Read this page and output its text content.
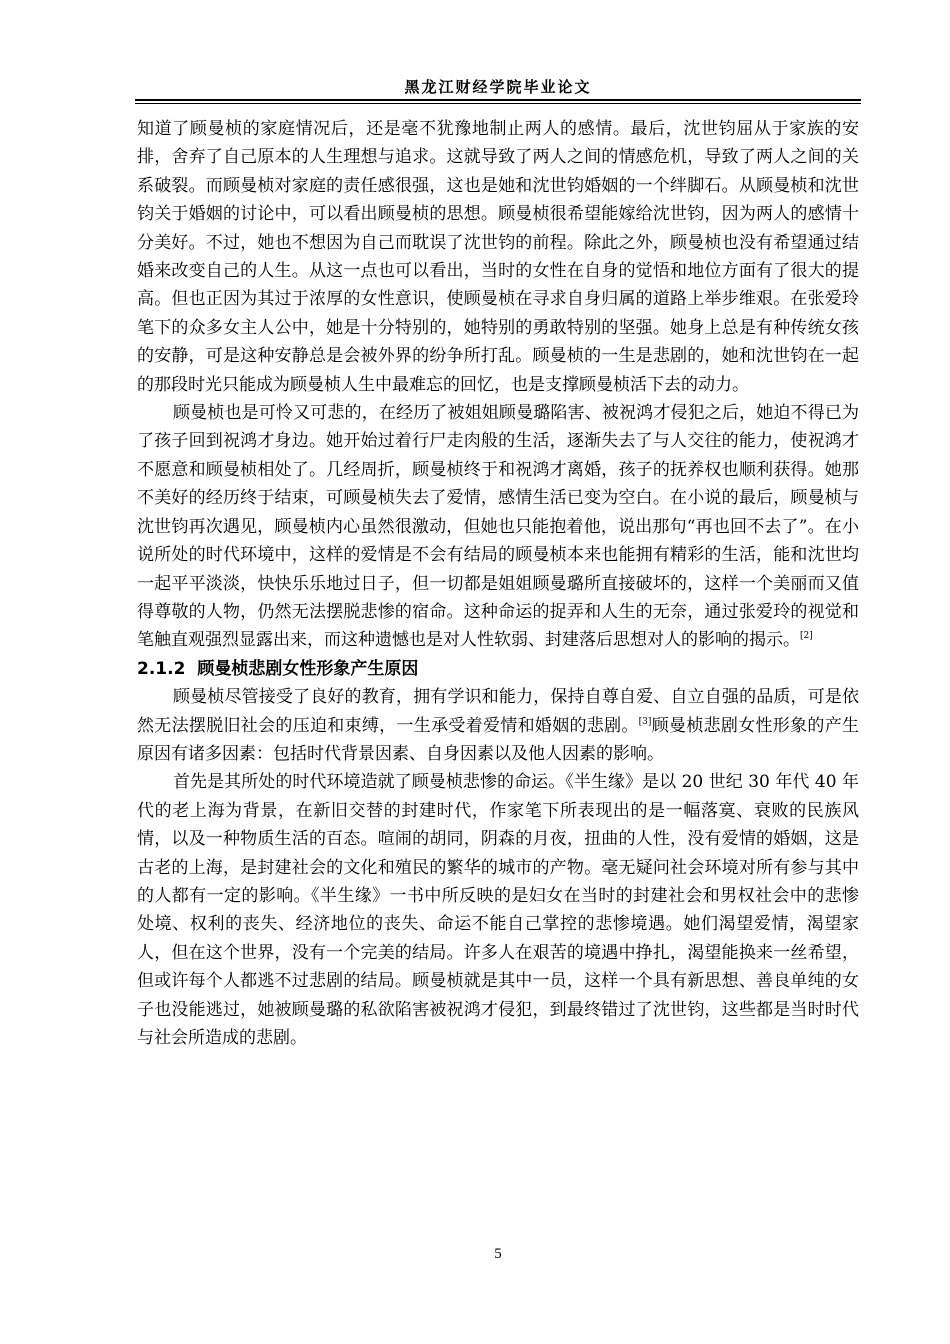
黑龙江财经学院毕业论文

知道了顾曼桢的家庭情况后，还是毫不犹豫地制止两人的感情。最后，沈世钧屈从于家族的安排，舍弃了自己原本的人生理想与追求。这就导致了两人之间的情感危机，导致了两人之间的关系破裂。而顾曼桢对家庭的责任感很强，这也是她和沈世钧婚姻的一个绊脚石。从顾曼桢和沈世钧关于婚姻的讨论中，可以看出顾曼桢的思想。顾曼桢很希望能嫁给沈世钧，因为两人的感情十分美好。不过，她也不想因为自己而耽误了沈世钧的前程。除此之外，顾曼桢也没有希望通过结婚来改变自己的人生。从这一点也可以看出，当时的女性在自身的觉悟和地位方面有了很大的提高。但也正因为其过于浓厚的女性意识，使顾曼桢在寻求自身归属的道路上举步维艰。在张爱玲笔下的众多女主人公中，她是十分特别的，她特别的勇敢特别的坚强。她身上总是有种传统女孩的安静，可是这种安静总是会被外界的纷争所打乱。顾曼桢的一生是悲剧的，她和沈世钧在一起的那段时光只能成为顾曼桢人生中最难忘的回忆，也是支撑顾曼桢活下去的动力。

顾曼桢也是可怜又可悲的，在经历了被姐姐顾曼璐陷害、被祝鸿才侵犯之后，她迫不得已为了孩子回到祝鸿才身边。她开始过着行尸走肉般的生活，逐渐失去了与人交往的能力，使祝鸿才不愿意和顾曼桢相处了。几经周折，顾曼桢终于和祝鸿才离婚，孩子的抚养权也顺利获得。她那不美好的经历终于结束，可顾曼桢失去了爱情，感情生活已变为空白。在小说的最后，顾曼桢与沈世钧再次遇见，顾曼桢内心虽然很激动，但她也只能抱着他，说出那句“再也回不去了”。在小说所处的时代环境中，这样的爱情是不会有结局的顾曼桢本来也能拥有精彩的生活，能和沈世均一起平平淡淡，快快乐乐地过日子，但一切都是姐姐顾曼璐所直接破坏的，这样一个美丽而又值得尊敬的人物，仍然无法摆脱悲惨的宿命。这种命运的捉弄和人生的无奈，通过张爱玲的视觉和笔触直观强烈显露出来，而这种遗憾也是对人性软弱、封建落后思想对人的影响的揭示。[2]

2.1.2 顾曼桢悲剧女性形象产生原因

顾曼桢尽管接受了良好的教育，拥有学识和能力，保持自尊自爱、自立自强的品质，可是依然无法摆脱旧社会的压迫和束缚，一生承受着爱情和婚姻的悲剧。[3]顾曼桢悲剧女性形象的产生原因有诸多因素：包括时代背景因素、自身因素以及他人因素的影响。

首先是其所处的时代环境造就了顾曼桢悲惨的命运。《半生缘》是以 20 世纪 30 年代 40 年代的老上海为背景，在新旧交替的封建时代，作家笔下所表现出的是一幅落寞、衰败的民族风情，以及一种物质生活的百态。喧闹的胡同，阴森的月夜，扭曲的人性，没有爱情的婚姻，这是古老的上海，是封建社会的文化和殖民的繁华的城市的产物。毫无疑问社会环境对所有参与其中的人都有一定的影响。《半生缘》一书中所反映的是妇女在当时的封建社会和男权社会中的悲惨处境、权利的丧失、经济地位的丧失、命运不能自己掌控的悲惨境遇。她们渴望爱情，渴望家人，但在这个世界，没有一个完美的结局。许多人在艰苦的境遇中挣扎，渴望能换来一丝希望，但或许每个人都逃不过悲剧的结局。顾曼桢就是其中一员，这样一个具有新思想、善良单纯的女子也没能逃过，她被顾曼璐的私欲陷害被祝鸿才侵犯，到最终错过了沈世钧，这些都是当时时代与社会所造成的悲剧。

5
